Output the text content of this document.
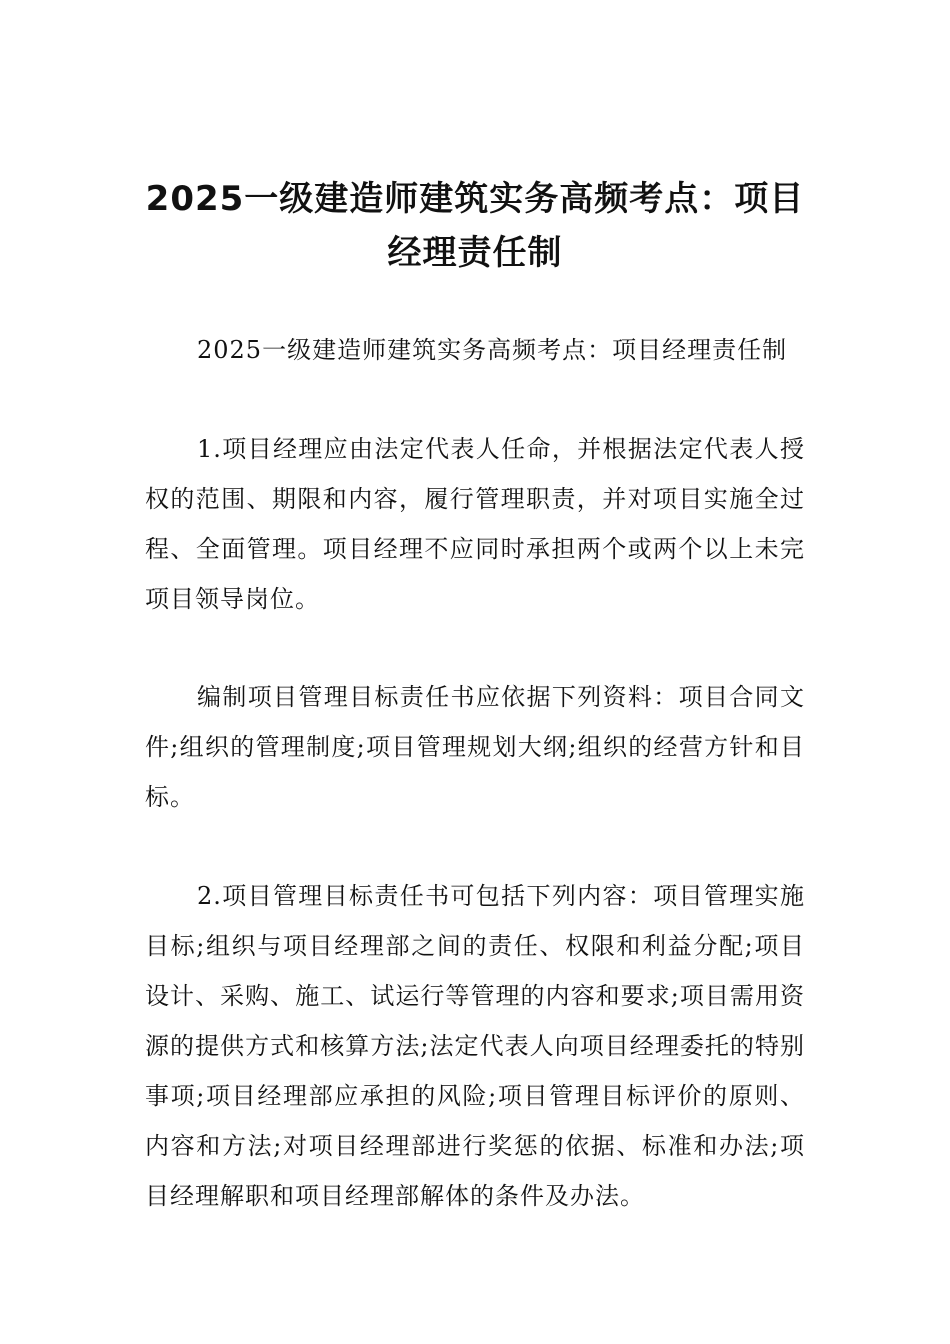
2025一级建造师建筑实务高频考点：项目经理责任制

2025一级建造师建筑实务高频考点：项目经理责任制

1.项目经理应由法定代表人任命，并根据法定代表人授权的范围、期限和内容，履行管理职责，并对项目实施全过程、全面管理。项目经理不应同时承担两个或两个以上未完项目领导岗位。

编制项目管理目标责任书应依据下列资料：项目合同文件;组织的管理制度;项目管理规划大纲;组织的经营方针和目标。

2.项目管理目标责任书可包括下列内容：项目管理实施目标;组织与项目经理部之间的责任、权限和利益分配;项目设计、采购、施工、试运行等管理的内容和要求;项目需用资源的提供方式和核算方法;法定代表人向项目经理委托的特别事项;项目经理部应承担的风险;项目管理目标评价的原则、内容和方法;对项目经理部进行奖惩的依据、标准和办法;项目经理解职和项目经理部解体的条件及办法。
